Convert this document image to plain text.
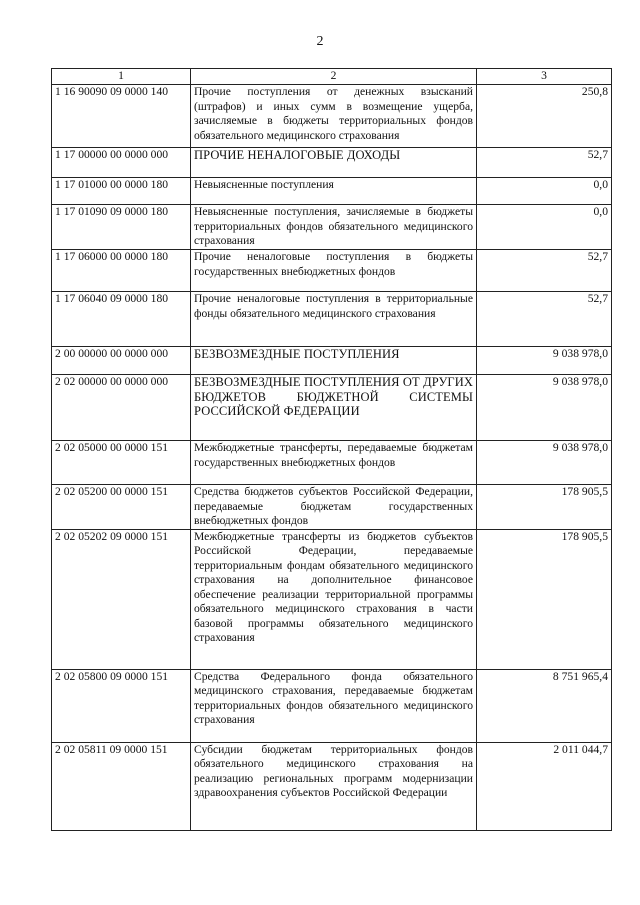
2
1	2	3
1 16 90090 09 0000 140	Прочие поступления от денежных взысканий (штрафов) и иных сумм в возмещение ущерба, зачисляемые в бюджеты территориальных фондов обязательного медицинского страхования	250,8
1 17 00000 00 0000 000	ПРОЧИЕ НЕНАЛОГОВЫЕ ДОХОДЫ	52,7
1 17 01000 00 0000 180	Невыясненные поступления	0,0
1 17 01090 09 0000 180	Невыясненные поступления, зачисляемые в бюджеты территориальных фондов обязательного медицинского страхования	0,0
1 17 06000 00 0000 180	Прочие неналоговые поступления в бюджеты государственных внебюджетных фондов	52,7
1 17 06040 09 0000 180	Прочие неналоговые поступления в территориальные фонды обязательного медицинского страхования	52,7
2 00 00000 00 0000 000	БЕЗВОЗМЕЗДНЫЕ ПОСТУПЛЕНИЯ	9 038 978,0
2 02 00000 00 0000 000	БЕЗВОЗМЕЗДНЫЕ ПОСТУПЛЕНИЯ ОТ ДРУГИХ БЮДЖЕТОВ БЮДЖЕТНОЙ СИСТЕМЫ РОССИЙСКОЙ ФЕДЕРАЦИИ	9 038 978,0
2 02 05000 00 0000 151	Межбюджетные трансферты, передаваемые бюджетам государственных внебюджетных фондов	9 038 978,0
2 02 05200 00 0000 151	Средства бюджетов субъектов Российской Федерации, передаваемые бюджетам государственных внебюджетных фондов	178 905,5
2 02 05202 09 0000 151	Межбюджетные трансферты из бюджетов субъектов Российской Федерации, передаваемые территориальным фондам обязательного медицинского страхования на дополнительное финансовое обеспечение реализации территориальной программы обязательного медицинского страхования в части базовой программы обязательного медицинского страхования	178 905,5
2 02 05800 09 0000 151	Средства Федерального фонда обязательного медицинского страхования, передаваемые бюджетам территориальных фондов обязательного медицинского страхования	8 751 965,4
2 02 05811 09 0000 151	Субсидии бюджетам территориальных фондов обязательного медицинского страхования на реализацию региональных программ модернизации здравоохранения субъектов Российской Федерации	2 011 044,7
